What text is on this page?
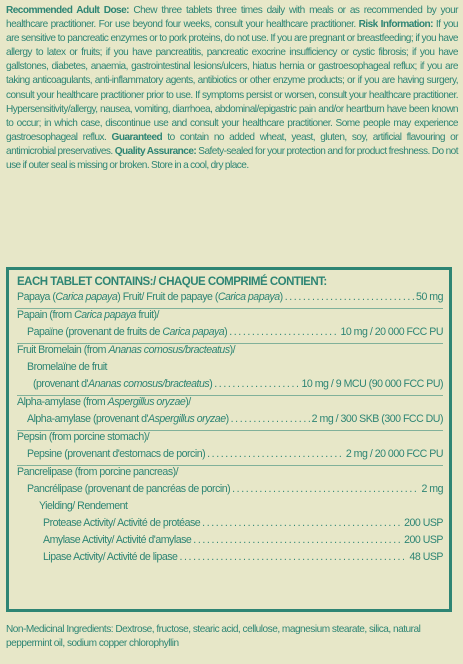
Recommended Adult Dose: Chew three tablets three times daily with meals or as recommended by your healthcare practitioner. For use beyond four weeks, consult your healthcare practitioner. Risk Information: If you are sensitive to pancreatic enzymes or to pork proteins, do not use. If you are pregnant or breastfeeding; if you have allergy to latex or fruits; if you have pancreatitis, pancreatic exocrine insufficiency or cystic fibrosis; if you have gallstones, diabetes, anaemia, gastrointestinal lesions/ulcers, hiatus hernia or gastroesophageal reflux; if you are taking anticoagulants, anti-inflammatory agents, antibiotics or other enzyme products; or if you are having surgery, consult your healthcare practitioner prior to use. If symptoms persist or worsen, consult your healthcare practitioner. Hypersensitivity/allergy, nausea, vomiting, diarrhoea, abdominal/epigastric pain and/or heartburn have been known to occur; in which case, discontinue use and consult your healthcare practitioner. Some people may experience gastroesophageal reflux. Guaranteed to contain no added wheat, yeast, gluten, soy, artificial flavouring or antimicrobial preservatives. Quality Assurance: Safety-sealed for your protection and for product freshness. Do not use if outer seal is missing or broken. Store in a cool, dry place.
EACH TABLET CONTAINS:/ CHAQUE COMPRIMÉ CONTIENT:
Papaya (Carica papaya) Fruit/ Fruit de papaye (Carica papaya) .....	50 mg
Papain (from Carica papaya fruit)/
Papaïne (provenant de fruits de Carica papaya) .....	10 mg / 20 000 FCC PU
Fruit Bromelain (from Ananas comosus/bracteatus)/
Bromelaïne de fruit
(provenant d'Ananas comosus/bracteatus) .....	10 mg / 9 MCU (90 000 FCC PU)
Alpha-amylase (from Aspergillus oryzae)/
Alpha-amylase (provenant d'Aspergillus oryzae) .....	2 mg / 300 SKB (300 FCC DU)
Pepsin (from porcine stomach)/
Pepsine (provenant d'estomacs de porcin) .....	2 mg / 20 000 FCC PU
Pancrelipase (from porcine pancreas)/
Pancrélipase (provenant de pancréas de porcin) .....	2 mg
Yielding/ Rendement
Protease Activity/ Activité de protéase .....	200 USP
Amylase Activity/ Activité d'amylase .....	200 USP
Lipase Activity/ Activité de lipase .....	48 USP
Non-Medicinal Ingredients: Dextrose, fructose, stearic acid, cellulose, magnesium stearate, silica, natural peppermint oil, sodium copper chlorophyllin
